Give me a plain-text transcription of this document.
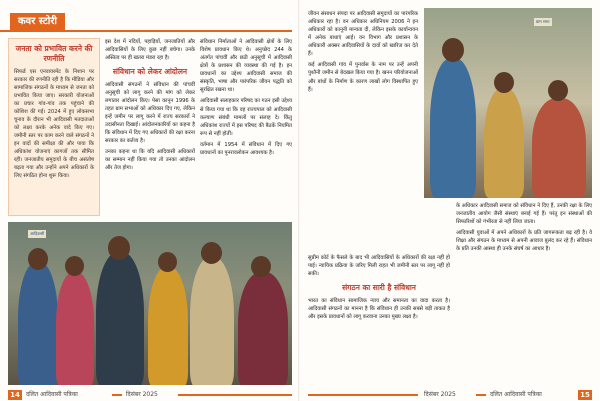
कवर स्टोरी
जनता को प्रभावित करने की रणनीति

सिफर्ड एस एनवायरमेंट के निशान पर सरकार की रणनीति रही है कि मीडिया और सामाजिक संगठनों के माध्यम से जनता को प्रभावित किया जाए। सरकारी योजनाओं का प्रचार गांव-गांव तक पहुंचाने की कोशिश की गई। 2024 में हुए लोकसभा चुनाव के दौरान भी आदिवासी मतदाताओं को लक्ष्य करके अनेक वादे किए गए। जमीनी स्तर पर काम करने वाले संगठनों ने इन वादों की समीक्षा की और पाया कि अधिकांश योजनाएं कागजों तक सीमित रहीं। जनजातीय समुदायों के बीच असंतोष बढ़ता गया और उन्होंने अपने अधिकारों के लिए संगठित होना शुरू किया।

इस देश में नदियों, पहाड़ियों, जनजातियों और आदिवासियों के लिए कुछ नहीं बचेगा। उनके अस्तित्व पर ही खतरा मंडरा रहा है।

संविधान को लेकर आंदोलन

आदिवासी संगठनों ने संविधान की पांचवीं अनुसूची को लागू करने की मांग को लेकर लगातार आंदोलन किए। पेसा कानून 1996 के तहत ग्राम सभाओं को अधिकार दिए गए, लेकिन इन्हें जमीन पर लागू करने में राज्य सरकारों ने उदासीनता दिखाई। आंदोलनकारियों का कहना है कि संविधान में दिए गए अधिकारों की रक्षा करना सरकार का कर्तव्य है।

उनका कहना था कि यदि आदिवासी अधिकारों का सम्मान नहीं किया गया तो उनका आंदोलन और तेज होगा।

संविधान निर्माताओं ने आदिवासी क्षेत्रों के लिए विशेष प्रावधान किए थे। अनुच्छेद 244 के अंतर्गत पांचवीं और छठी अनुसूची में आदिवासी क्षेत्रों के प्रशासन की व्यवस्था की गई है। इन प्रावधानों का उद्देश्य आदिवासी समाज की संस्कृति, भाषा और पारंपरिक जीवन पद्धति को सुरक्षित रखना था।

आदिवासी सलाहकार परिषद का गठन इसी उद्देश्य से किया गया था कि वह राज्यपाल को आदिवासी कल्याण संबंधी मामलों पर सलाह दे। किंतु अधिकांश राज्यों में इस परिषद की बैठकें नियमित रूप से नहीं होतीं।

वर्तमान में 1954 में संविधान में दिए गए प्रावधानों का पुनरावलोकन आवश्यक है।

आदिवासी
14	दलित आदिवासी पत्रिका	दिसंबर 2025

जीवन संसाधन संपदा पर आदिवासी समुदायों का पारंपरिक अधिकार रहा है। वन अधिकार अधिनियम 2006 ने इन अधिकारों को कानूनी मान्यता दी, लेकिन इसके कार्यान्वयन में अनेक बाधाएं आईं। वन विभाग और प्रशासन के अधिकारी अक्सर आदिवासियों के दावों को खारिज कर देते हैं।

कई आदिवासी गांव में पुनर्वास के नाम पर उन्हें अपनी पुश्तैनी जमीन से बेदखल किया गया है। खनन परियोजनाओं और बांधों के निर्माण के कारण लाखों लोग विस्थापित हुए हैं।

ग्राम सभा

के अधिकार आदिवासी समाज को संविधान ने दिए हैं, उनकी रक्षा के लिए जनजातीय आयोग जैसी संस्थाएं बनाई गई हैं। परंतु इन संस्थाओं की सिफारिशों को गंभीरता से नहीं लिया जाता।

आदिवासी युवाओं में अपने अधिकारों के प्रति जागरूकता बढ़ रही है। वे शिक्षा और संगठन के माध्यम से अपनी आवाज बुलंद कर रहे हैं। संविधान के प्रति उनकी आस्था ही उनके संघर्ष का आधार है।

सुप्रीम कोर्ट के फैसले के बाद भी आदिवासियों के अधिकारों की रक्षा नहीं हो पाई। न्यायिक प्रक्रिया के जरिए मिली राहत भी जमीनी स्तर पर लागू नहीं हो सकी।

संगठन का सारी है संविधान

भारत का संविधान सामाजिक न्याय और समानता का वादा करता है। आदिवासी संगठनों का मानना है कि संविधान ही उनकी सबसे बड़ी ताकत है और इसके प्रावधानों को लागू करवाना उनका मुख्य लक्ष्य है।

दिसंबर 2025	दलित आदिवासी पत्रिका	15
